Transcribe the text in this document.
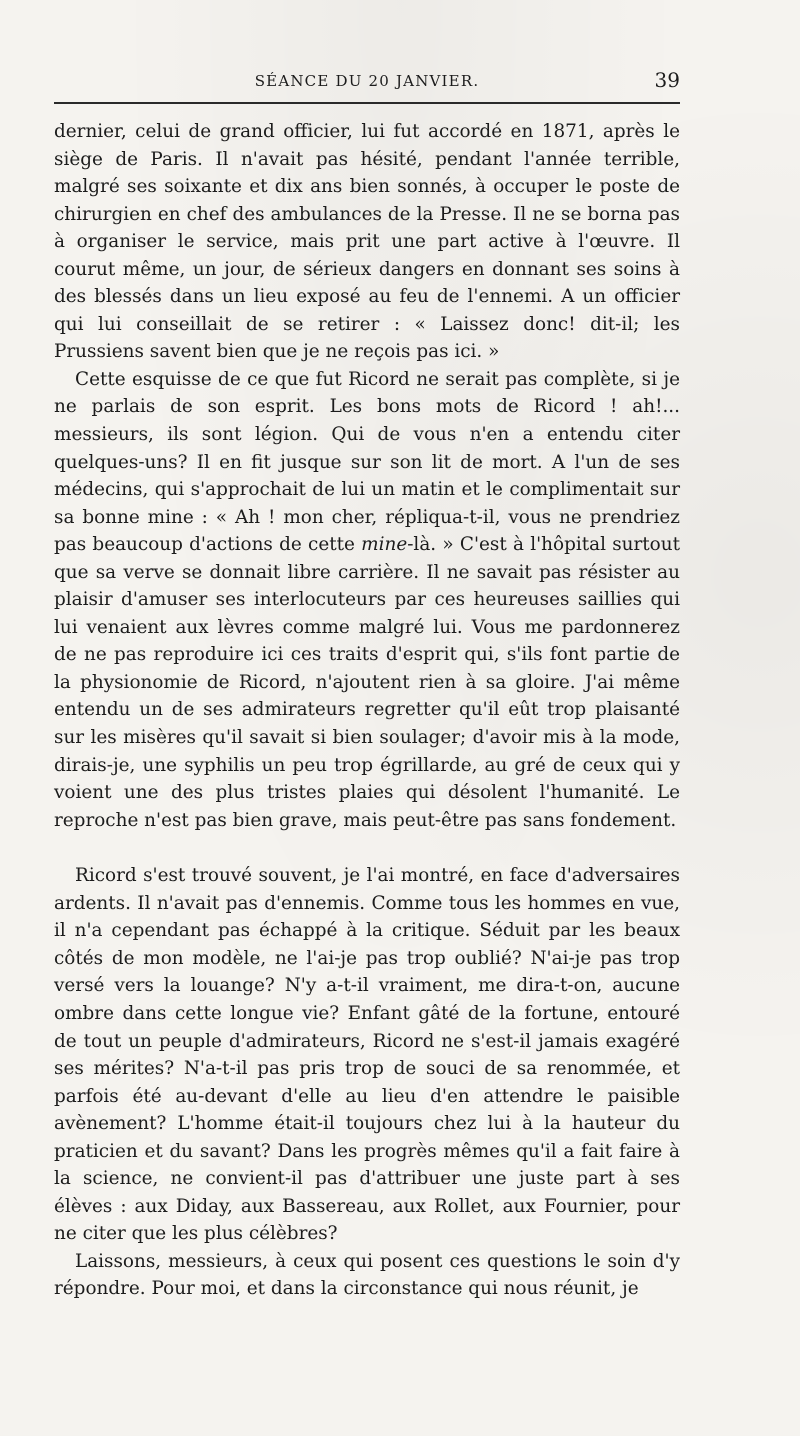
SÉANCE DU 20 JANVIER.	39

dernier, celui de grand officier, lui fut accordé en 1871, après le siège de Paris. Il n'avait pas hésité, pendant l'année terrible, malgré ses soixante et dix ans bien sonnés, à occuper le poste de chirurgien en chef des ambulances de la Presse. Il ne se borna pas à organiser le service, mais prit une part active à l'œuvre. Il courut même, un jour, de sérieux dangers en donnant ses soins à des blessés dans un lieu exposé au feu de l'ennemi. A un officier qui lui conseillait de se retirer : « Laissez donc! dit-il; les Prussiens savent bien que je ne reçois pas ici. »

Cette esquisse de ce que fut Ricord ne serait pas complète, si je ne parlais de son esprit. Les bons mots de Ricord ! ah!... messieurs, ils sont légion. Qui de vous n'en a entendu citer quelques-uns? Il en fit jusque sur son lit de mort. A l'un de ses médecins, qui s'approchait de lui un matin et le complimentait sur sa bonne mine : « Ah ! mon cher, répliqua-t-il, vous ne prendriez pas beaucoup d'actions de cette mine-là. » C'est à l'hôpital surtout que sa verve se donnait libre carrière. Il ne savait pas résister au plaisir d'amuser ses interlocuteurs par ces heureuses saillies qui lui venaient aux lèvres comme malgré lui. Vous me pardonnerez de ne pas reproduire ici ces traits d'esprit qui, s'ils font partie de la physionomie de Ricord, n'ajoutent rien à sa gloire. J'ai même entendu un de ses admirateurs regretter qu'il eût trop plaisanté sur les misères qu'il savait si bien soulager; d'avoir mis à la mode, dirais-je, une syphilis un peu trop égrillarde, au gré de ceux qui y voient une des plus tristes plaies qui désolent l'humanité. Le reproche n'est pas bien grave, mais peut-être pas sans fondement.

Ricord s'est trouvé souvent, je l'ai montré, en face d'adversaires ardents. Il n'avait pas d'ennemis. Comme tous les hommes en vue, il n'a cependant pas échappé à la critique. Séduit par les beaux côtés de mon modèle, ne l'ai-je pas trop oublié? N'ai-je pas trop versé vers la louange? N'y a-t-il vraiment, me dira-t-on, aucune ombre dans cette longue vie? Enfant gâté de la fortune, entouré de tout un peuple d'admirateurs, Ricord ne s'est-il jamais exagéré ses mérites? N'a-t-il pas pris trop de souci de sa renommée, et parfois été au-devant d'elle au lieu d'en attendre le paisible avènement? L'homme était-il toujours chez lui à la hauteur du praticien et du savant? Dans les progrès mêmes qu'il a fait faire à la science, ne convient-il pas d'attribuer une juste part à ses élèves : aux Diday, aux Bassereau, aux Rollet, aux Fournier, pour ne citer que les plus célèbres?

Laissons, messieurs, à ceux qui posent ces questions le soin d'y répondre. Pour moi, et dans la circonstance qui nous réunit, je
